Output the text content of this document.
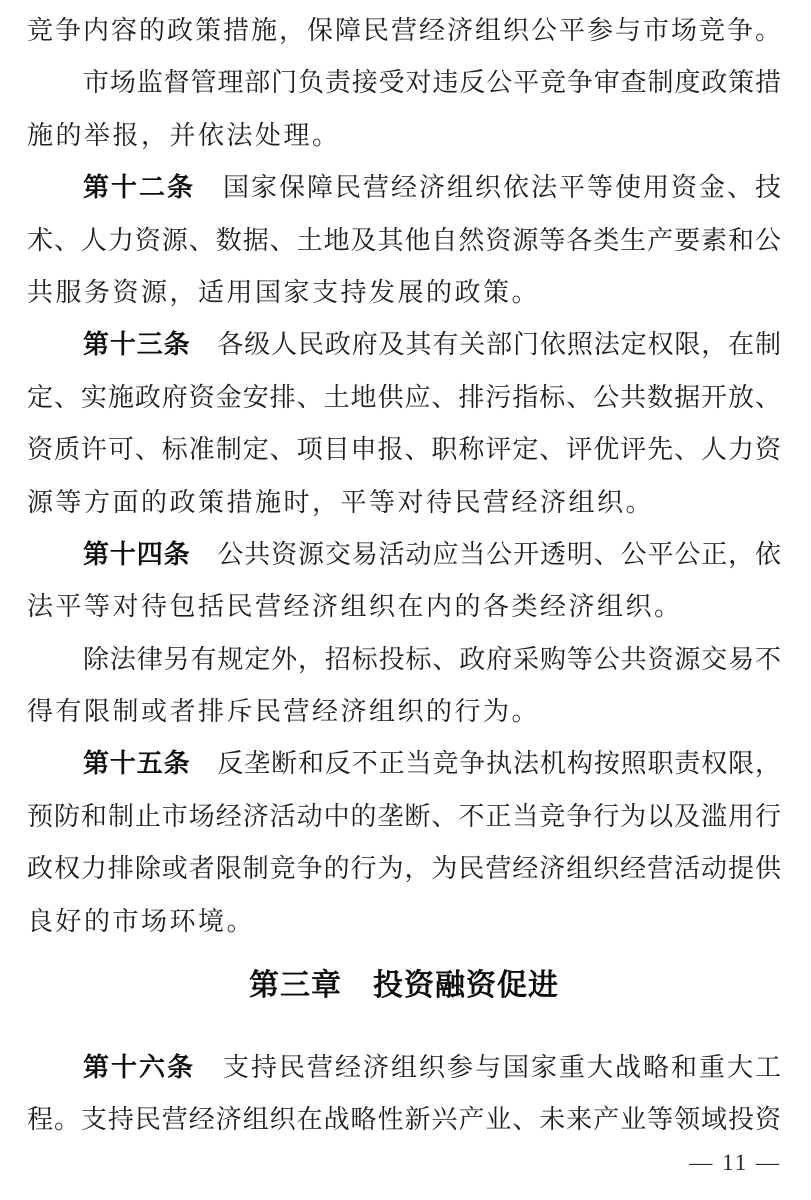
竞争内容的政策措施，保障民营经济组织公平参与市场竞争。
市场监督管理部门负责接受对违反公平竞争审查制度政策措
施的举报，并依法处理。
第十二条 国家保障民营经济组织依法平等使用资金、技
术、人力资源、数据、土地及其他自然资源等各类生产要素和公
共服务资源，适用国家支持发展的政策。
第十三条 各级人民政府及其有关部门依照法定权限，在制
定、实施政府资金安排、土地供应、排污指标、公共数据开放、
资质许可、标准制定、项目申报、职称评定、评优评先、人力资
源等方面的政策措施时，平等对待民营经济组织。
第十四条 公共资源交易活动应当公开透明、公平公正，依
法平等对待包括民营经济组织在内的各类经济组织。
除法律另有规定外，招标投标、政府采购等公共资源交易不
得有限制或者排斥民营经济组织的行为。
第十五条 反垄断和反不正当竞争执法机构按照职责权限，
预防和制止市场经济活动中的垄断、不正当竞争行为以及滥用行
政权力排除或者限制竞争的行为，为民营经济组织经营活动提供
良好的市场环境。
第三章　投资融资促进
第十六条 支持民营经济组织参与国家重大战略和重大工
程。支持民营经济组织在战略性新兴产业、未来产业等领域投资
— 11 —
